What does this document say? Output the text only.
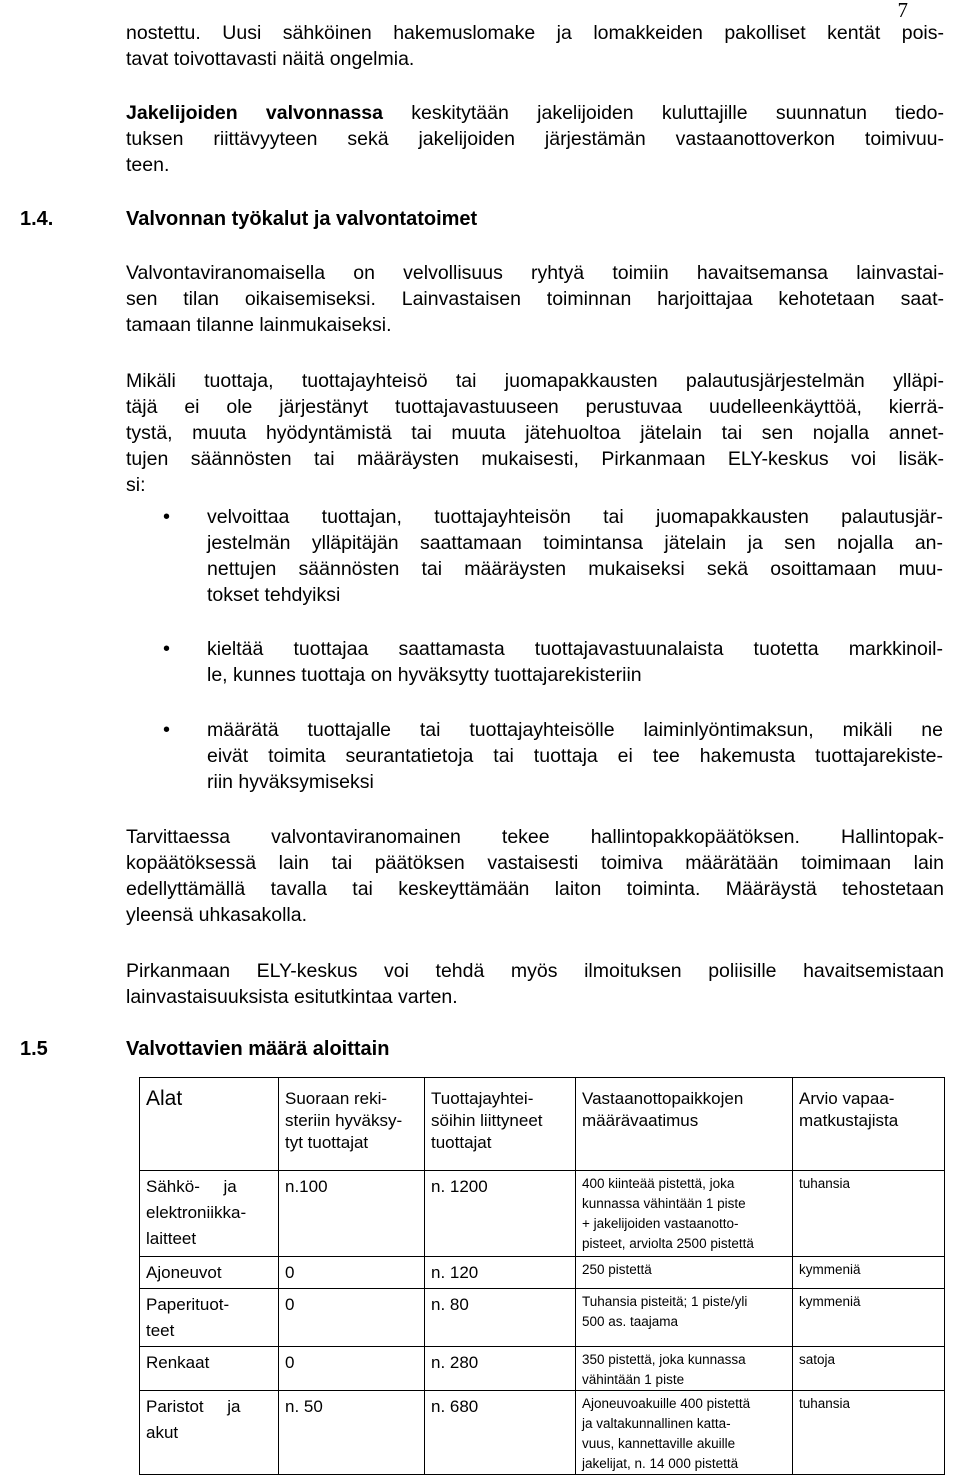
7
nostettu. Uusi sähköinen hakemuslomake ja lomakkeiden pakolliset kentät pois-
tavat toivottavasti näitä ongelmia.
Jakelijoiden valvonnassa keskitytään jakelijoiden kuluttajille suunnatun tiedo-
tuksen riittävyyteen sekä jakelijoiden järjestämän vastaanottoverkon toimivuu-
teen.
1.4.	Valvonnan työkalut ja valvontatoimet
Valvontaviranomaisella on velvollisuus ryhtyä toimiin havaitsemansa lainvastai-
sen tilan oikaisemiseksi. Lainvastaisen toiminnan harjoittajaa kehotetaan saat-
tamaan tilanne lainmukaiseksi.
Mikäli tuottaja, tuottajayhteisö tai juomapakkausten palautusjärjestelmän ylläpi-
täjä ei ole järjestänyt tuottajavastuuseen perustuvaa uudelleenkäyttöä, kierrä-
tystä, muuta hyödyntämistä tai muuta jätehuoltoa jätelain tai sen nojalla annet-
tujen säännösten tai määräysten mukaisesti, Pirkanmaan ELY-keskus voi lisäk-
si:
• velvoittaa tuottajan, tuottajayhteisön tai juomapakkausten palautusjär-
jestelmän ylläpitäjän saattamaan toimintansa jätelain ja sen nojalla an-
nettujen säännösten tai määräysten mukaiseksi sekä osoittamaan muu-
tokset tehdyiksi
• kieltää tuottajaa saattamasta tuottajavastuunalaista tuotetta markkinoil-
le, kunnes tuottaja on hyväksytty tuottajarekisteriin
• määrätä tuottajalle tai tuottajayhteisölle laiminlyöntimaksun, mikäli ne
eivät toimita seurantatietoja tai tuottaja ei tee hakemusta tuottajarekiste-
riin hyväksymiseksi
Tarvittaessa valvontaviranomainen tekee hallintopakkopäätöksen. Hallintopak-
kopäätöksessä lain tai päätöksen vastaisesti toimiva määrätään toimimaan lain
edellyttämällä tavalla tai keskeyttämään laiton toiminta. Määräystä tehostetaan
yleensä uhkasakolla.
Pirkanmaan ELY-keskus voi tehdä myös ilmoituksen poliisille havaitsemistaan
lainvastaisuuksista esitutkintaa varten.
1.5	Valvottavien määrä aloittain
Alat	Suoraan reki-
steriin hyväksy-
tyt tuottajat	Tuottajayhtei-
söihin liittyneet
tuottajat	Vastaanottopaikkojen
määrävaatimus	Arvio vapaa-
matkustajista
Sähkö-     ja
elektroniikka-
laitteet	n.100	n. 1200	400 kiinteää pistettä, joka
kunnassa vähintään 1 piste
+ jakelijoiden vastaanotto-
pisteet, arviolta 2500 pistettä	tuhansia
Ajoneuvot	0	n. 120	250 pistettä	kymmeniä
Paperituot-
teet	0	n. 80	Tuhansia pisteitä; 1 piste/yli
500 as. taajama	kymmeniä
Renkaat	0	n. 280	350 pistettä, joka kunnassa
vähintään 1 piste	satoja
Paristot     ja
akut	n. 50	n. 680	Ajoneuvoakuille 400 pistettä
ja valtakunnallinen katta-
vuus, kannettaville akuille
jakelijat, n. 14 000 pistettä	tuhansia
